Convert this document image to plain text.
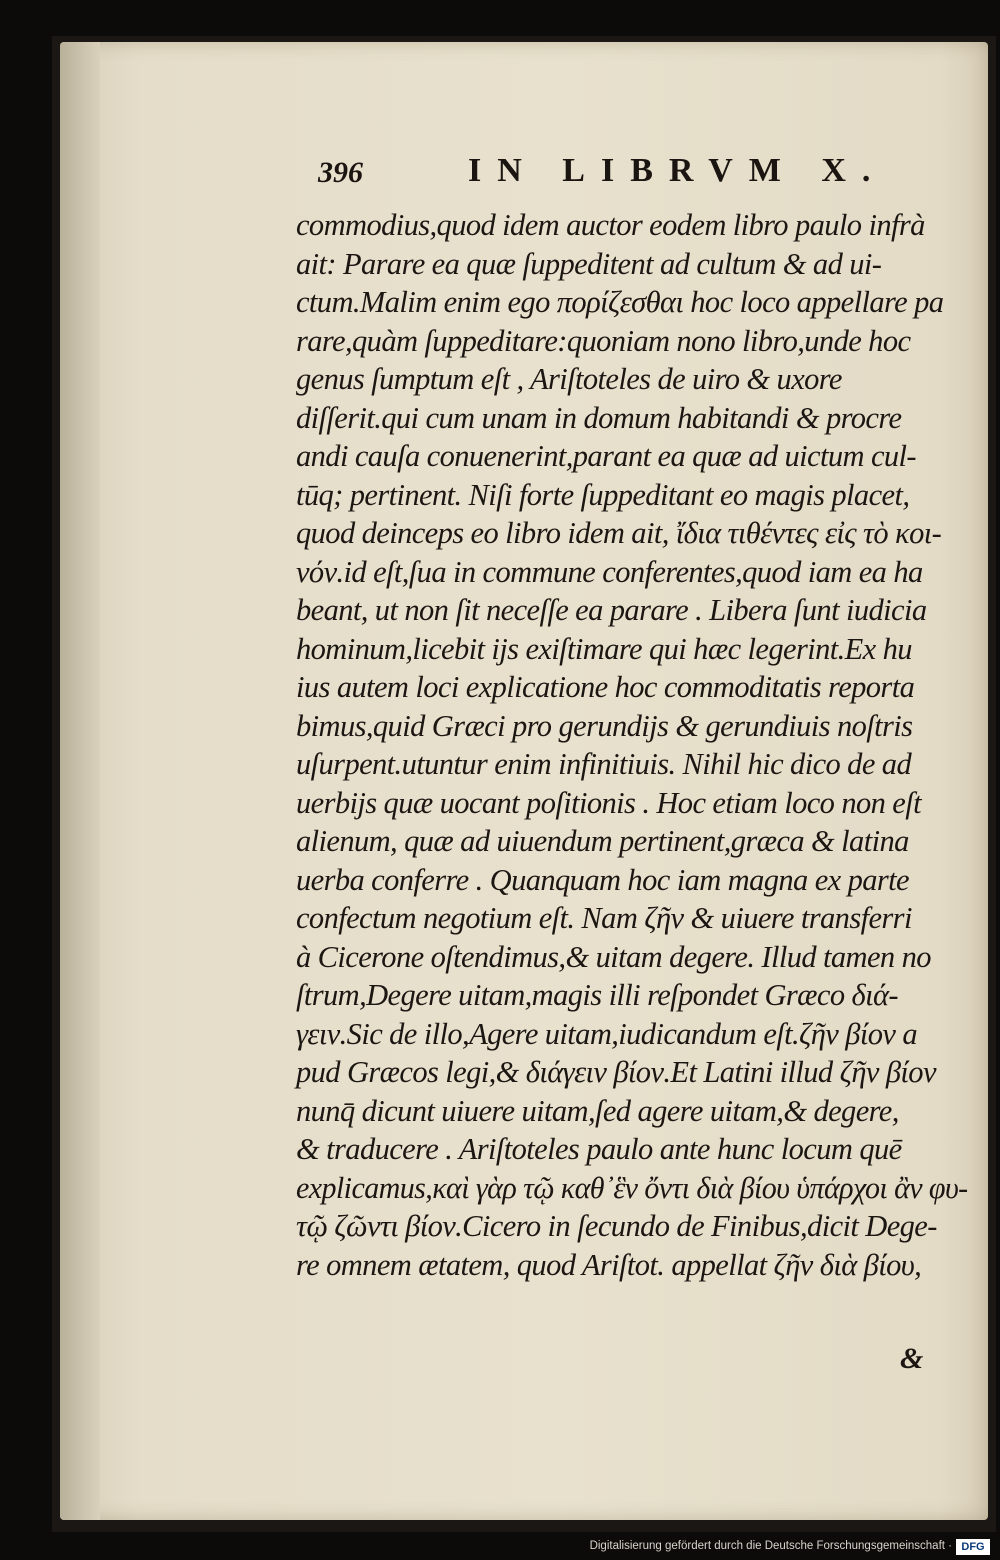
396	IN LIBRVM X.
commodius,quod idem auctor eodem libro paulo infrà
ait: Parare ea quæ ſuppeditent ad cultum & ad ui-
ctum.Malim enim ego πορίζεσθαι hoc loco appellare pa
rare,quàm ſuppeditare:quoniam nono libro,unde hoc
genus ſumptum eſt , Ariſtoteles de uiro & uxore
diſſerit.qui cum unam in domum habitandi & procre
andi cauſa conuenerint,parant ea quæ ad uictum cul-
tūq; pertinent. Niſi forte ſuppeditant eo magis placet,
quod deinceps eo libro idem ait, ἴδια τιθέντες εἰς τὸ κοι-
νόν.id eſt,ſua in commune conferentes,quod iam ea ha
beant, ut non ſit neceſſe ea parare . Libera ſunt iudicia
hominum,licebit ijs exiſtimare qui hæc legerint.Ex hu
ius autem loci explicatione hoc commoditatis reporta
bimus,quid Græci pro gerundijs & gerundiuis noſtris
uſurpent.utuntur enim infinitiuis. Nihil hic dico de ad
uerbijs quæ uocant poſitionis . Hoc etiam loco non eſt
alienum, quæ ad uiuendum pertinent,græca & latina
uerba conferre . Quanquam hoc iam magna ex parte
confectum negotium eſt. Nam ζῆν & uiuere transferri
à Cicerone oſtendimus,& uitam degere. Illud tamen no
ſtrum,Degere uitam,magis illi reſpondet Græco διά-
γειν.Sic de illo,Agere uitam,iudicandum eſt.ζῆν βίον a
pud Græcos legi,& διάγειν βίον.Et Latini illud ζῆν βίον
nunq̄ dicunt uiuere uitam,ſed agere uitam,& degere,
& traducere . Ariſtoteles paulo ante hunc locum quē
explicamus,καὶ γὰρ τῷ καθ᾽ἓν ὄντι διὰ βίου ὑπάρχοι ἂν φυ-
τῷ ζῶντι βίον.Cicero in ſecundo de Finibus,dicit Dege-
re omnem ætatem, quod Ariſtot. appellat ζῆν διὰ βίου,
&
Digitalisierung gefördert durch die Deutsche Forschungsgemeinschaft · DFG
